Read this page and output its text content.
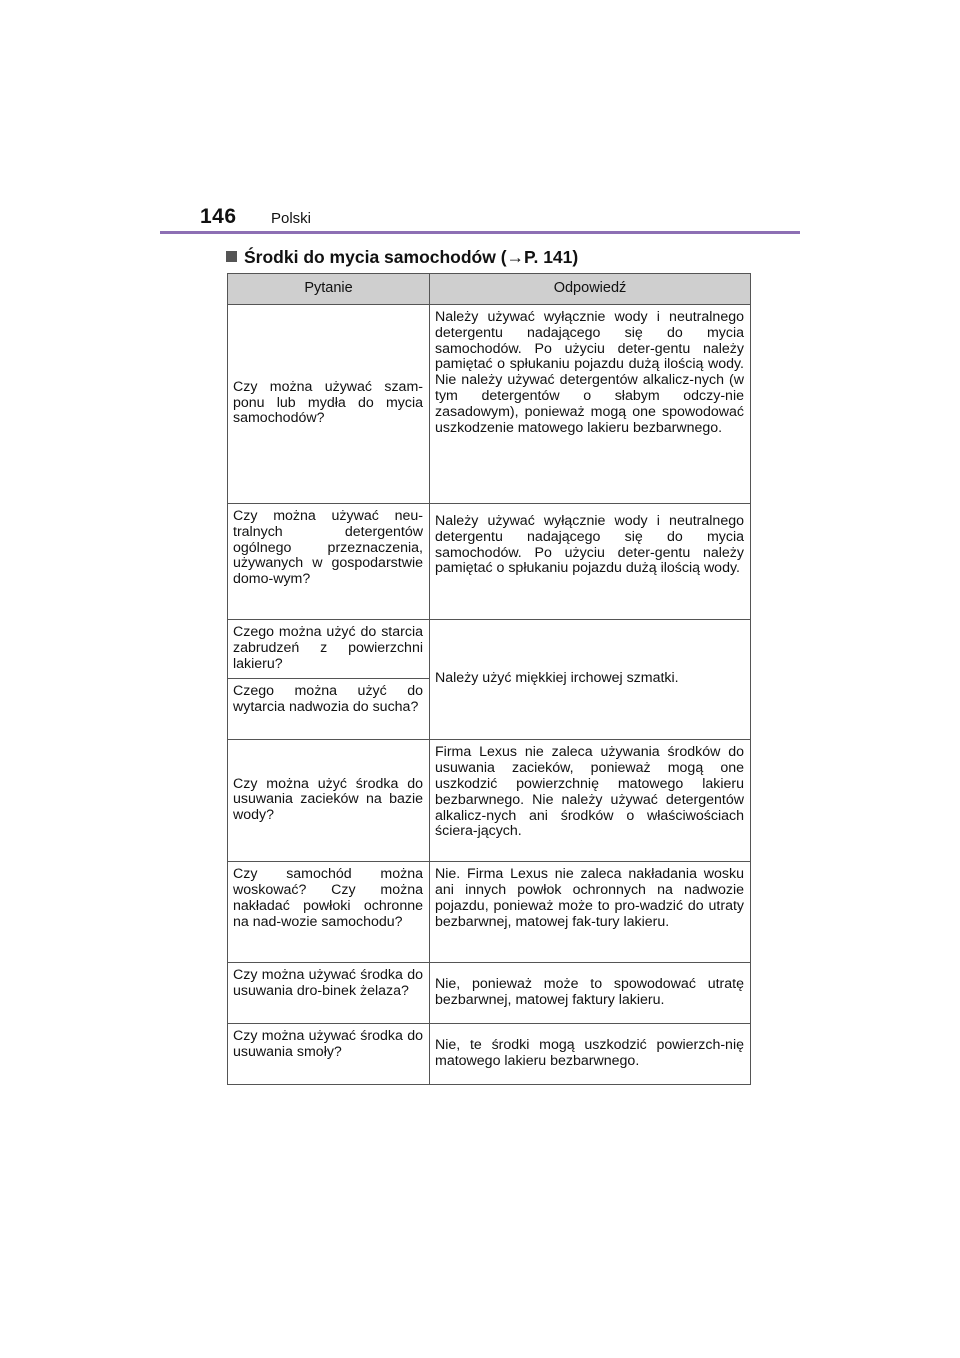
146 Polski
Środki do mycia samochodów (→P. 141)
Pytanie	Odpowiedź
Czy można używać szam-ponu lub mydła do mycia samochodów?	Należy używać wyłącznie wody i neutralnego detergentu nadającego się do mycia samochodów. Po użyciu deter-gentu należy pamiętać o spłukaniu pojazdu dużą ilością wody. Nie należy używać detergentów alkalicz-nych (w tym detergentów o słabym odczy-nie zasadowym), ponieważ mogą one spowodować uszkodzenie matowego lakieru bezbarwnego.
Czy można używać neu-tralnych detergentów ogólnego przeznaczenia, używanych w gospodarstwie domo-wym?	Należy używać wyłącznie wody i neutralnego detergentu nadającego się do mycia samochodów. Po użyciu deter-gentu należy pamiętać o spłukaniu pojazdu dużą ilością wody.
Czego można użyć do starcia zabrudzeń z powierzchni lakieru?	Należy użyć miękkiej irchowej szmatki.
Czego można użyć do wytarcia nadwozia do sucha?	
Czy można użyć środka do usuwania zacieków na bazie wody?	Firma Lexus nie zaleca używania środków do usuwania zacieków, ponieważ mogą one uszkodzić powierzchnię matowego lakieru bezbarwnego. Nie należy używać detergentów alkalicz-nych ani środków o właściwościach ściera-jących.
Czy samochód można woskować? Czy można nakładać powłoki ochronne na nad-wozie samochodu?	Nie. Firma Lexus nie zaleca nakładania wosku ani innych powłok ochronnych na nadwozie pojazdu, ponieważ może to pro-wadzić do utraty bezbarwnej, matowej fak-tury lakieru.
Czy można używać środka do usuwania dro-binek żelaza?	Nie, ponieważ może to spowodować utratę bezbarwnej, matowej faktury lakieru.
Czy można używać środka do usuwania smoły?	Nie, te środki mogą uszkodzić powierzch-nię matowego lakieru bezbarwnego.
